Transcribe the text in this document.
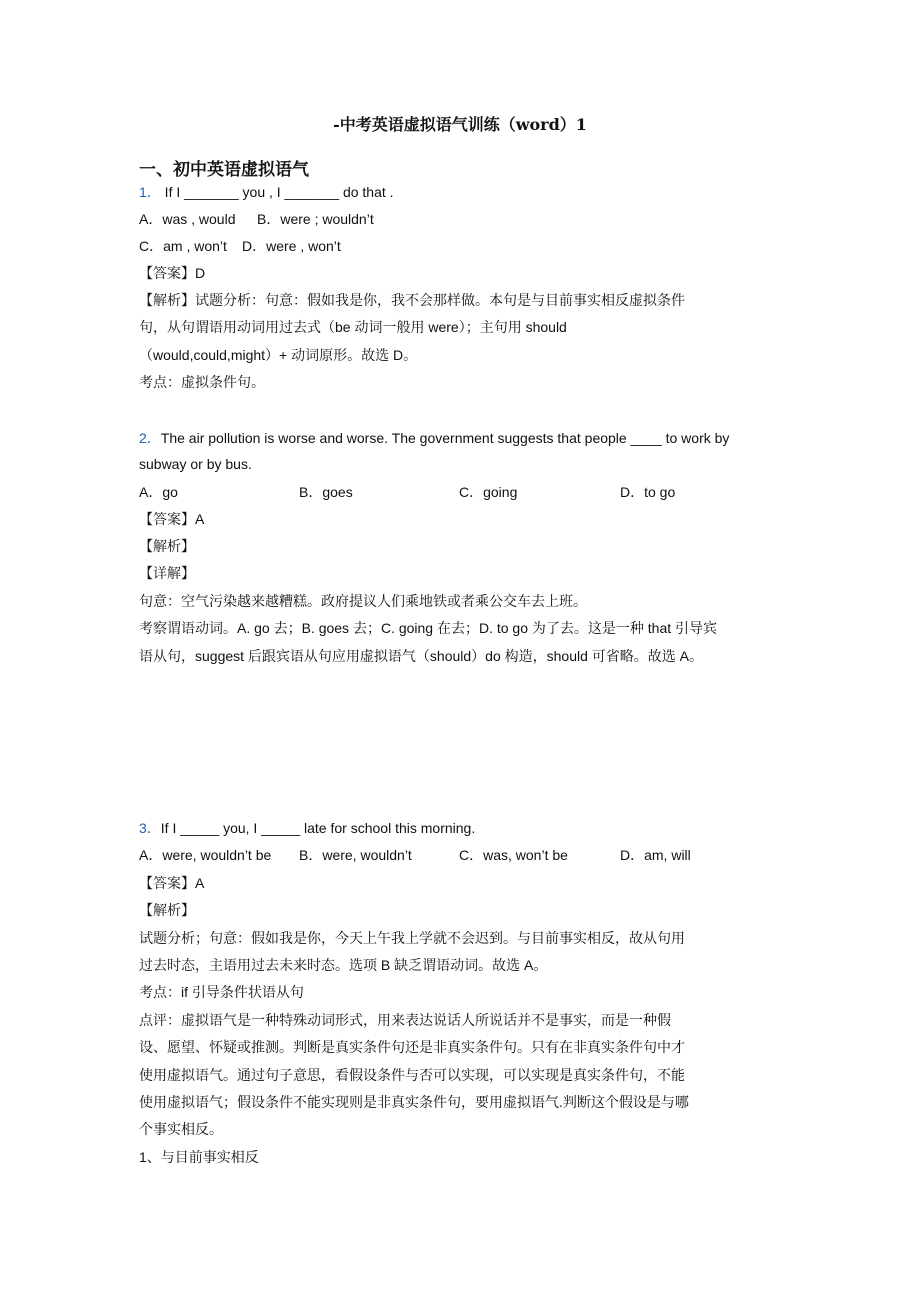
-中考英语虚拟语气训练（word）1
一、初中英语虚拟语气
1． If I _______ you , I _______ do that .
A．was , would B．were ; wouldn’t
C．am , won’t D．were , won’t
【答案】D
【解析】试题分析：句意：假如我是你，我不会那样做。本句是与目前事实相反虚拟条件
句，从句谓语用动词用过去式（be 动词一般用 were）；主句用 should
（would,could,might）+ 动词原形。故选 D。
考点：虚拟条件句。
2．The air pollution is worse and worse. The government suggests that people ____ to work by
subway or by bus.
A．go	B．goes	C．going	D．to go
【答案】A
【解析】
【详解】
句意：空气污染越来越糟糕。政府提议人们乘地铁或者乘公交车去上班。
考察谓语动词。A. go 去；B. goes 去；C. going 在去；D. to go 为了去。这是一种 that 引导宾
语从句，suggest 后跟宾语从句应用虚拟语气（should）do 构造，should 可省略。故选 A。
3．If I _____ you, I _____ late for school this morning.
A．were, wouldn’t be B．were, wouldn’t	C．was, won’t be	D．am, will
【答案】A
【解析】
试题分析；句意：假如我是你，今天上午我上学就不会迟到。与目前事实相反，故从句用
过去时态，主语用过去未来时态。选项 B 缺乏谓语动词。故选 A。
考点：if 引导条件状语从句
点评：虚拟语气是一种特殊动词形式，用来表达说话人所说话并不是事实，而是一种假
设、愿望、怀疑或推测。判断是真实条件句还是非真实条件句。只有在非真实条件句中才
使用虚拟语气。通过句子意思，看假设条件与否可以实现，可以实现是真实条件句，不能
使用虚拟语气；假设条件不能实现则是非真实条件句，要用虚拟语气.判断这个假设是与哪
个事实相反。
1、与目前事实相反
